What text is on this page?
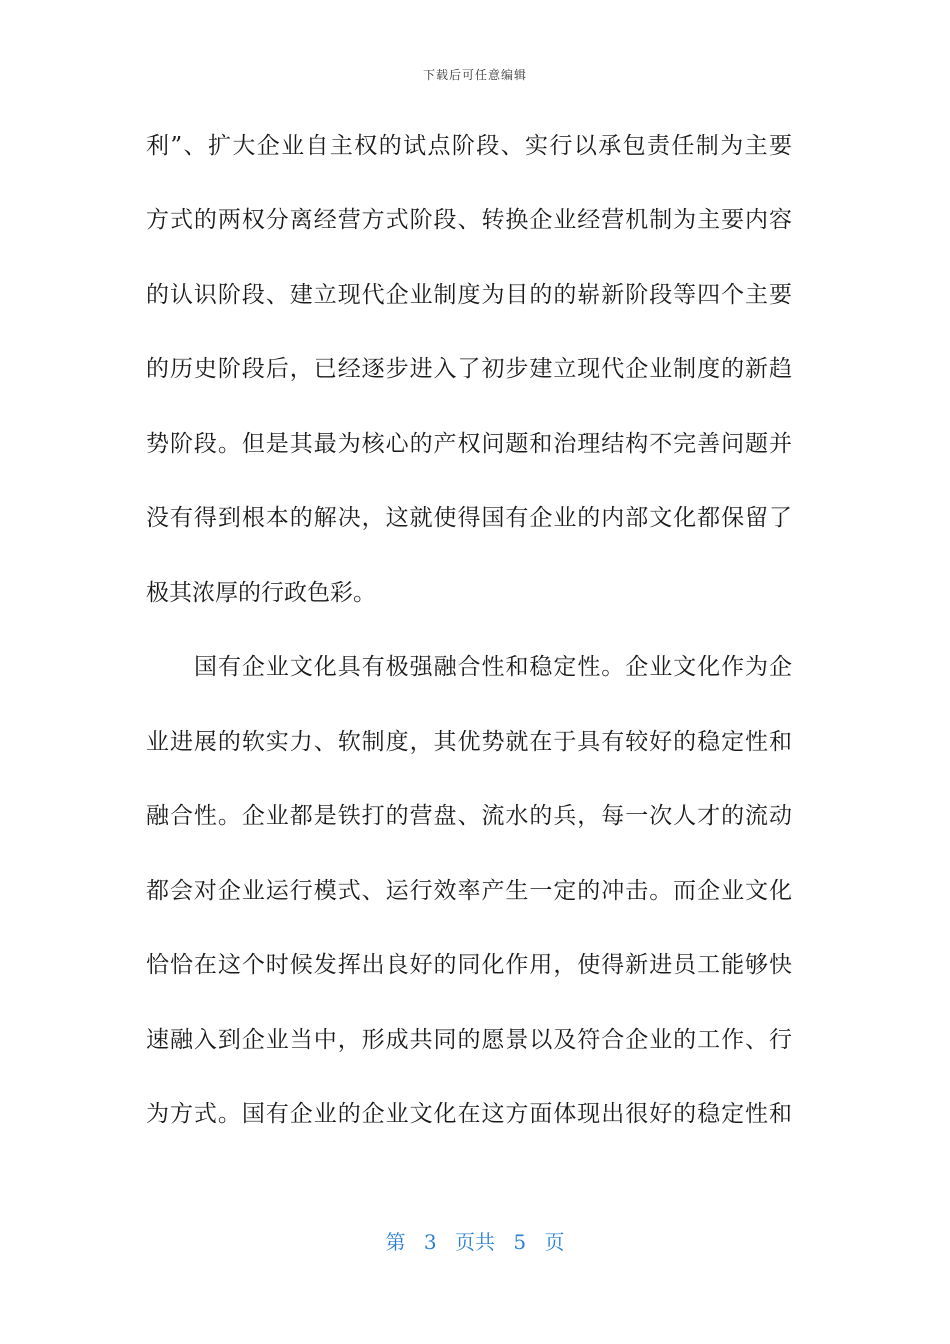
下载后可任意编辑
利”、扩大企业自主权的试点阶段、实行以承包责任制为主要
方式的两权分离经营方式阶段、转换企业经营机制为主要内容
的认识阶段、建立现代企业制度为目的的崭新阶段等四个主要
的历史阶段后，已经逐步进入了初步建立现代企业制度的新趋
势阶段。但是其最为核心的产权问题和治理结构不完善问题并
没有得到根本的解决，这就使得国有企业的内部文化都保留了
极其浓厚的行政色彩。
国有企业文化具有极强融合性和稳定性。企业文化作为企
业进展的软实力、软制度，其优势就在于具有较好的稳定性和
融合性。企业都是铁打的营盘、流水的兵，每一次人才的流动
都会对企业运行模式、运行效率产生一定的冲击。而企业文化
恰恰在这个时候发挥出良好的同化作用，使得新进员工能够快
速融入到企业当中，形成共同的愿景以及符合企业的工作、行
为方式。国有企业的企业文化在这方面体现出很好的稳定性和
第 3 页共 5 页
